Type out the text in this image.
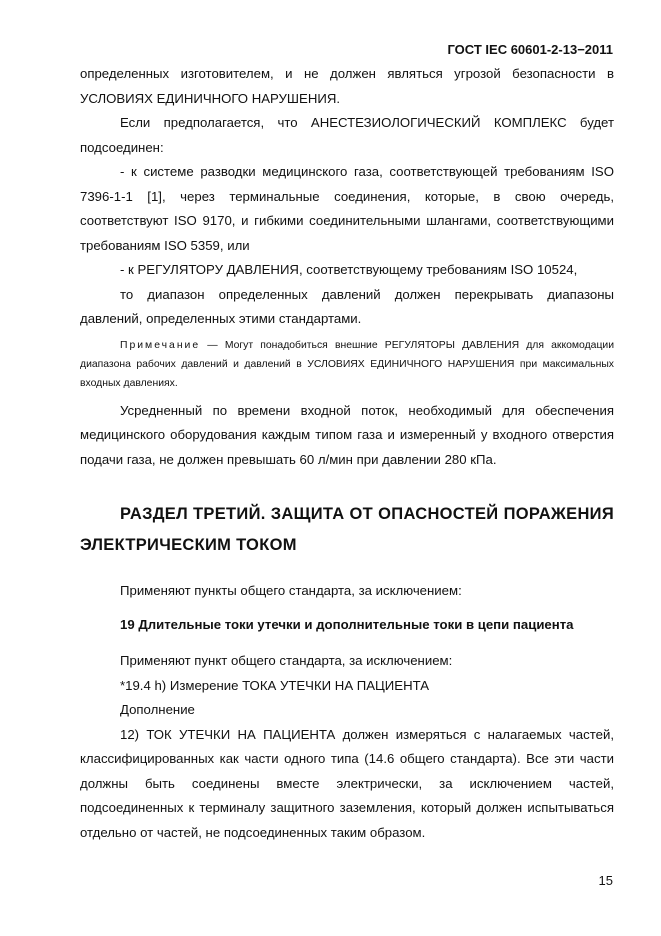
ГОСТ IEC 60601-2-13−2011

определенных изготовителем, и не должен являться угрозой безопасности в УСЛОВИЯХ ЕДИНИЧНОГО НАРУШЕНИЯ.

Если предполагается, что АНЕСТЕЗИОЛОГИЧЕСКИЙ КОМПЛЕКС будет подсоединен:

- к системе разводки медицинского газа, соответствующей требованиям ISO 7396-1-1 [1], через терминальные соединения, которые, в свою очередь, соответствуют ISO 9170, и гибкими соединительными шлангами, соответствующими требованиям ISO 5359, или

- к РЕГУЛЯТОРУ ДАВЛЕНИЯ, соответствующему требованиям ISO 10524,

то диапазон определенных давлений должен перекрывать диапазоны давлений, определенных этими стандартами.

Примечание — Могут понадобиться внешние РЕГУЛЯТОРЫ ДАВЛЕНИЯ для аккомодации диапазона рабочих давлений и давлений в УСЛОВИЯХ ЕДИНИЧНОГО НАРУШЕНИЯ при максимальных входных давлениях.

Усредненный по времени входной поток, необходимый для обеспечения медицинского оборудования каждым типом газа и измеренный у входного отверстия подачи газа, не должен превышать 60 л/мин при давлении 280 кПа.

РАЗДЕЛ ТРЕТИЙ. ЗАЩИТА ОТ ОПАСНОСТЕЙ ПОРАЖЕНИЯ ЭЛЕКТРИЧЕСКИМ ТОКОМ

Применяют пункты общего стандарта, за исключением:

19 Длительные токи утечки и дополнительные токи в цепи пациента

Применяют пункт общего стандарта, за исключением:

*19.4 h) Измерение ТОКА УТЕЧКИ НА ПАЦИЕНТА

Дополнение

12) ТОК УТЕЧКИ НА ПАЦИЕНТА должен измеряться с налагаемых частей, классифицированных как части одного типа (14.6 общего стандарта). Все эти части должны быть соединены вместе электрически, за исключением частей, подсоединенных к терминалу защитного заземления, который должен испытываться отдельно от частей, не подсоединенных таким образом.

15
